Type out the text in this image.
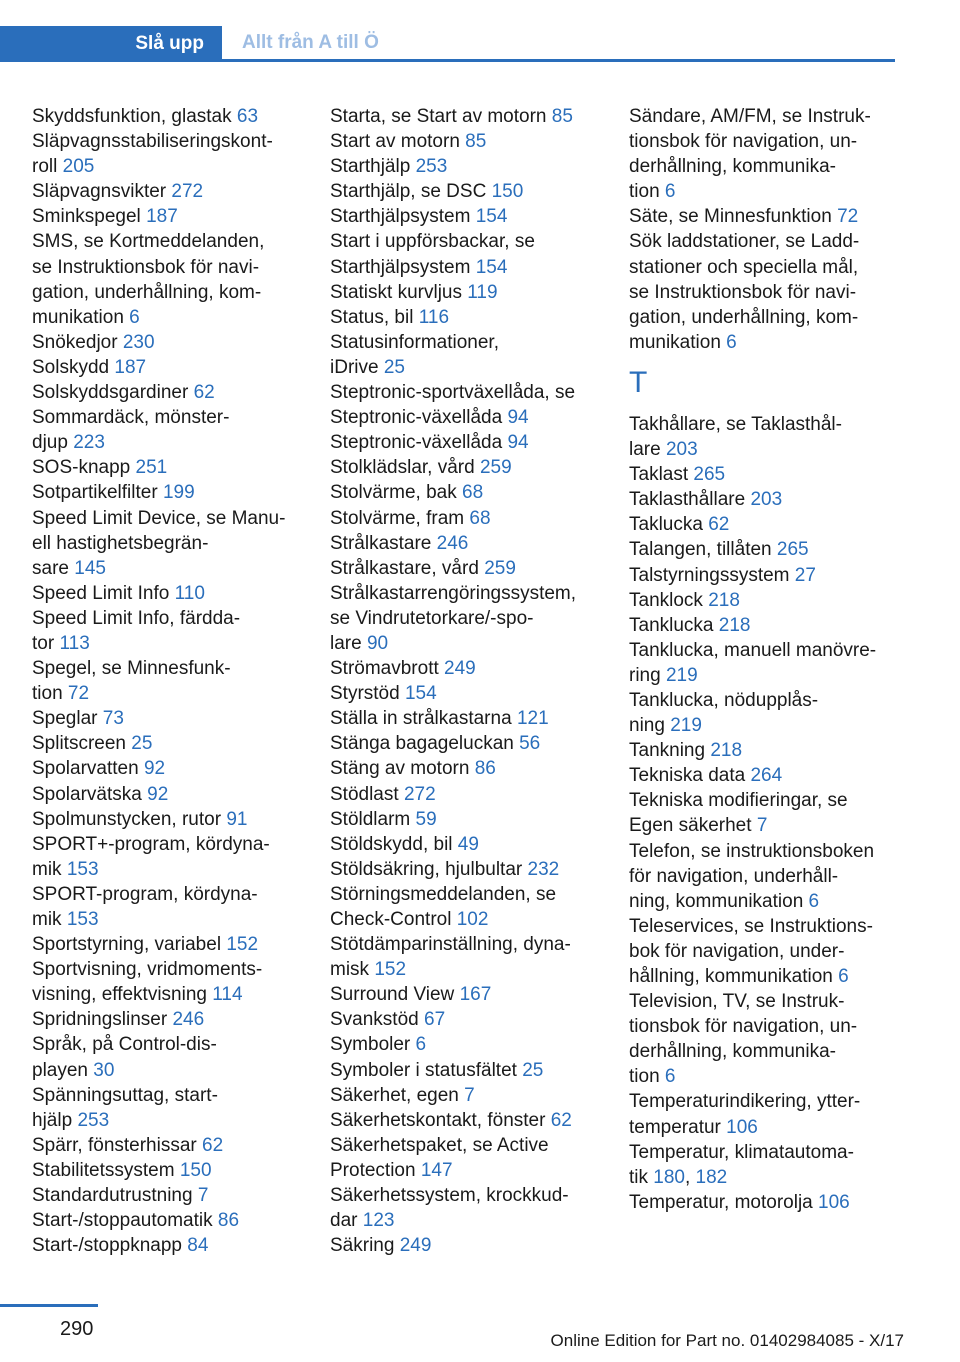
Slå upp	Allt från A till Ö
Skyddsfunktion, glastak 63
Släpvagnsstabiliseringskont-
roll 205
Släpvagnsvikter 272
Sminkspegel 187
SMS, se Kortmeddelanden,
se Instruktionsbok för navi-
gation, underhållning, kom-
munikation 6
Snökedjor 230
Solskydd 187
Solskyddsgardiner 62
Sommardäck, mönster-
djup 223
SOS-knapp 251
Sotpartikelfilter 199
Speed Limit Device, se Manu-
ell hastighetsbegrän-
sare 145
Speed Limit Info 110
Speed Limit Info, färdda-
tor 113
Spegel, se Minnesfunk-
tion 72
Speglar 73
Splitscreen 25
Spolarvatten 92
Spolarvätska 92
Spolmunstycken, rutor 91
SPORT+-program, kördyna-
mik 153
SPORT-program, kördyna-
mik 153
Sportstyrning, variabel 152
Sportvisning, vridmoments-
visning, effektvisning 114
Spridningslinser 246
Språk, på Control-dis-
playen 30
Spänningsuttag, start-
hjälp 253
Spärr, fönsterhissar 62
Stabilitetssystem 150
Standardutrustning 7
Start-/stoppautomatik 86
Start-/stoppknapp 84
Starta, se Start av motorn 85
Start av motorn 85
Starthjälp 253
Starthjälp, se DSC 150
Starthjälpsystem 154
Start i uppförsbackar, se
Starthjälpsystem 154
Statiskt kurvljus 119
Status, bil 116
Statusinformationer,
iDrive 25
Steptronic-sportväxellåda, se
Steptronic-växellåda 94
Steptronic-växellåda 94
Stolklädslar, vård 259
Stolvärme, bak 68
Stolvärme, fram 68
Strålkastare 246
Strålkastare, vård 259
Strålkastarrengöringssystem,
se Vindrutetorkare/-spo-
lare 90
Strömavbrott 249
Styrstöd 154
Ställa in strålkastarna 121
Stänga bagageluckan 56
Stäng av motorn 86
Stödlast 272
Stöldlarm 59
Stöldskydd, bil 49
Stöldsäkring, hjulbultar 232
Störningsmeddelanden, se
Check-Control 102
Stötdämparinställning, dyna-
misk 152
Surround View 167
Svankstöd 67
Symboler 6
Symboler i statusfältet 25
Säkerhet, egen 7
Säkerhetskontakt, fönster 62
Säkerhetspaket, se Active
Protection 147
Säkerhetssystem, krockkud-
dar 123
Säkring 249
Sändare, AM/FM, se Instruk-
tionsbok för navigation, un-
derhållning, kommunika-
tion 6
Säte, se Minnesfunktion 72
Sök laddstationer, se Ladd-
stationer och speciella mål,
se Instruktionsbok för navi-
gation, underhållning, kom-
munikation 6
T
Takhållare, se Taklasthål-
lare 203
Taklast 265
Taklasthållare 203
Taklucka 62
Talangen, tillåten 265
Talstyrningssystem 27
Tanklock 218
Tanklucka 218
Tanklucka, manuell manövre-
ring 219
Tanklucka, nödupplås-
ning 219
Tankning 218
Tekniska data 264
Tekniska modifieringar, se
Egen säkerhet 7
Telefon, se instruktionsboken
för navigation, underhåll-
ning, kommunikation 6
Teleservices, se Instruktions-
bok för navigation, under-
hållning, kommunikation 6
Television, TV, se Instruk-
tionsbok för navigation, un-
derhållning, kommunika-
tion 6
Temperaturindikering, ytter-
temperatur 106
Temperatur, klimatautoma-
tik 180, 182
Temperatur, motorolja 106
290
Online Edition for Part no. 01402984085 - X/17
